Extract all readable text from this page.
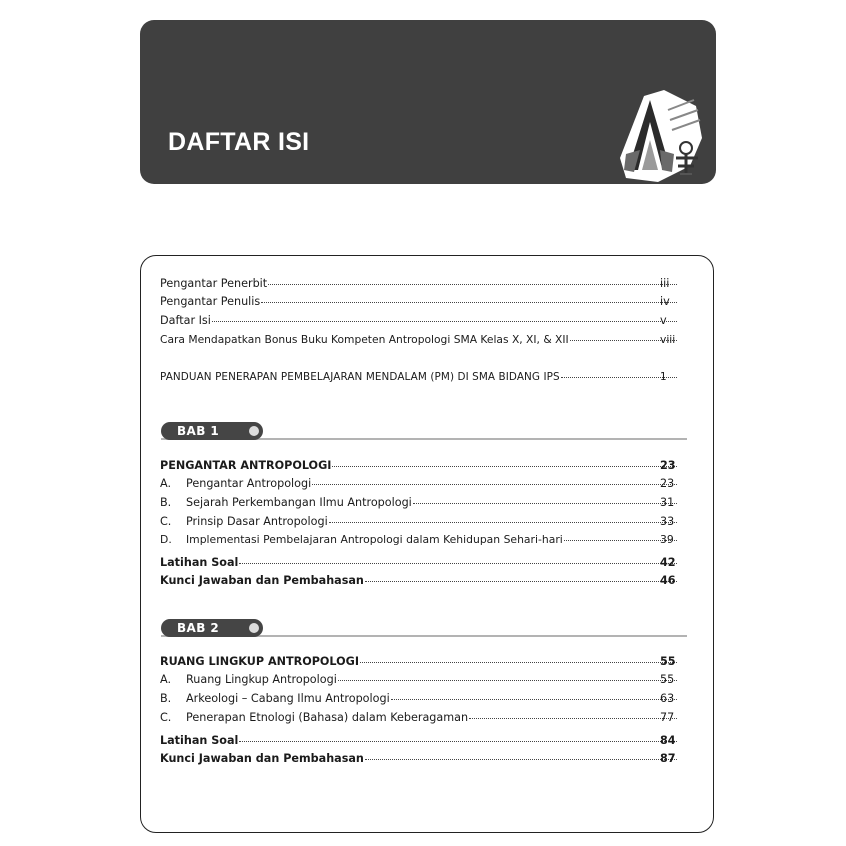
DAFTAR ISI
Pengantar Penerbit	iii
Pengantar Penulis	iv
Daftar Isi	v
Cara Mendapatkan Bonus Buku Kompeten Antropologi SMA Kelas X, XI, & XII	viii
PANDUAN PENERAPAN PEMBELAJARAN MENDALAM (PM) DI SMA BIDANG IPS	1
BAB 1
PENGANTAR ANTROPOLOGI	23
A.	Pengantar Antropologi	23
B.	Sejarah Perkembangan Ilmu Antropologi	31
C.	Prinsip Dasar Antropologi	33
D.	Implementasi Pembelajaran Antropologi dalam Kehidupan Sehari-hari	39
Latihan Soal	42
Kunci Jawaban dan Pembahasan	46
BAB 2
RUANG LINGKUP ANTROPOLOGI	55
A.	Ruang Lingkup Antropologi	55
B.	Arkeologi – Cabang Ilmu Antropologi	63
C.	Penerapan Etnologi (Bahasa) dalam Keberagaman	77
Latihan Soal	84
Kunci Jawaban dan Pembahasan	87
